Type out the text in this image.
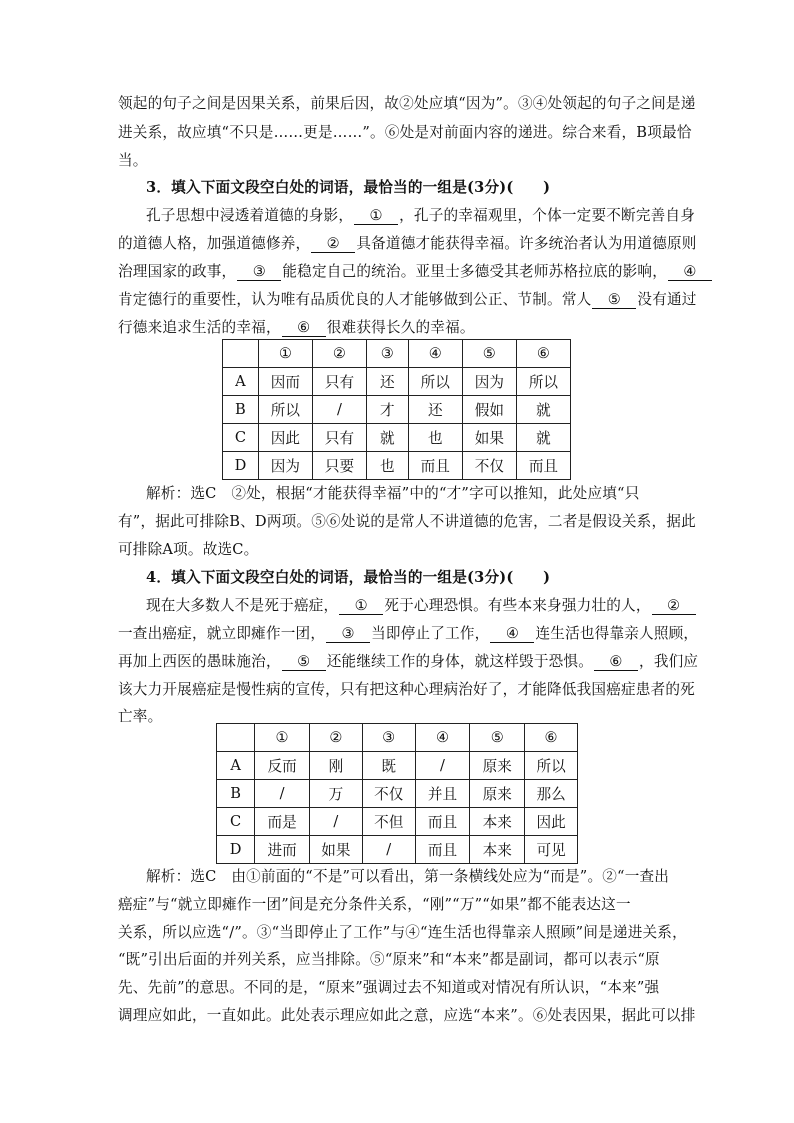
领起的句子之间是因果关系，前果后因，故②处应填“因为”。③④处领起的句子之间是递
进关系，故应填“不只是……更是……”。⑥处是对前面内容的递进。综合来看，B项最恰
当。
3．填入下面文段空白处的词语，最恰当的一组是(3分)(　　)
孔子思想中浸透着道德的身影， ① ，孔子的幸福观里，个体一定要不断完善自身
的道德人格，加强道德修养， ② 具备道德才能获得幸福。许多统治者认为用道德原则
治理国家的政事， ③ 能稳定自己的统治。亚里士多德受其老师苏格拉底的影响， ④
肯定德行的重要性，认为唯有品质优良的人才能够做到公正、节制。常人 ⑤ 没有通过
行德来追求生活的幸福， ⑥ 很难获得长久的幸福。
	①	②	③	④	⑤	⑥
A	因而	只有	还	所以	因为	所以
B	所以	/	才	还	假如	就
C	因此	只有	就	也	如果	就
D	因为	只要	也	而且	不仅	而且
解析：选C　②处，根据“才能获得幸福”中的“才”字可以推知，此处应填“只
有”，据此可排除B、D两项。⑤⑥处说的是常人不讲道德的危害，二者是假设关系，据此
可排除A项。故选C。
4．填入下面文段空白处的词语，最恰当的一组是(3分)(　　)
现在大多数人不是死于癌症， ① 死于心理恐惧。有些本来身强力壮的人， ②
一查出癌症，就立即瘫作一团， ③ 当即停止了工作， ④ 连生活也得靠亲人照顾，
再加上西医的愚昧施治， ⑤ 还能继续工作的身体，就这样毁于恐惧。 ⑥ ，我们应
该大力开展癌症是慢性病的宣传，只有把这种心理病治好了，才能降低我国癌症患者的死
亡率。
	①	②	③	④	⑤	⑥
A	反而	刚	既	/	原来	所以
B	/	万	不仅	并且	原来	那么
C	而是	/	不但	而且	本来	因此
D	进而	如果	/	而且	本来	可见
解析：选C　由①前面的“不是”可以看出，第一条横线处应为“而是”。②“一查出
癌症”与“就立即瘫作一团”间是充分条件关系，“刚”“万”“如果”都不能表达这一
关系，所以应选“/”。③“当即停止了工作”与④“连生活也得靠亲人照顾”间是递进关系，
“既”引出后面的并列关系，应当排除。⑤“原来”和“本来”都是副词，都可以表示“原
先、先前”的意思。不同的是，“原来”强调过去不知道或对情况有所认识，“本来”强
调理应如此，一直如此。此处表示理应如此之意，应选“本来”。⑥处表因果，据此可以排
